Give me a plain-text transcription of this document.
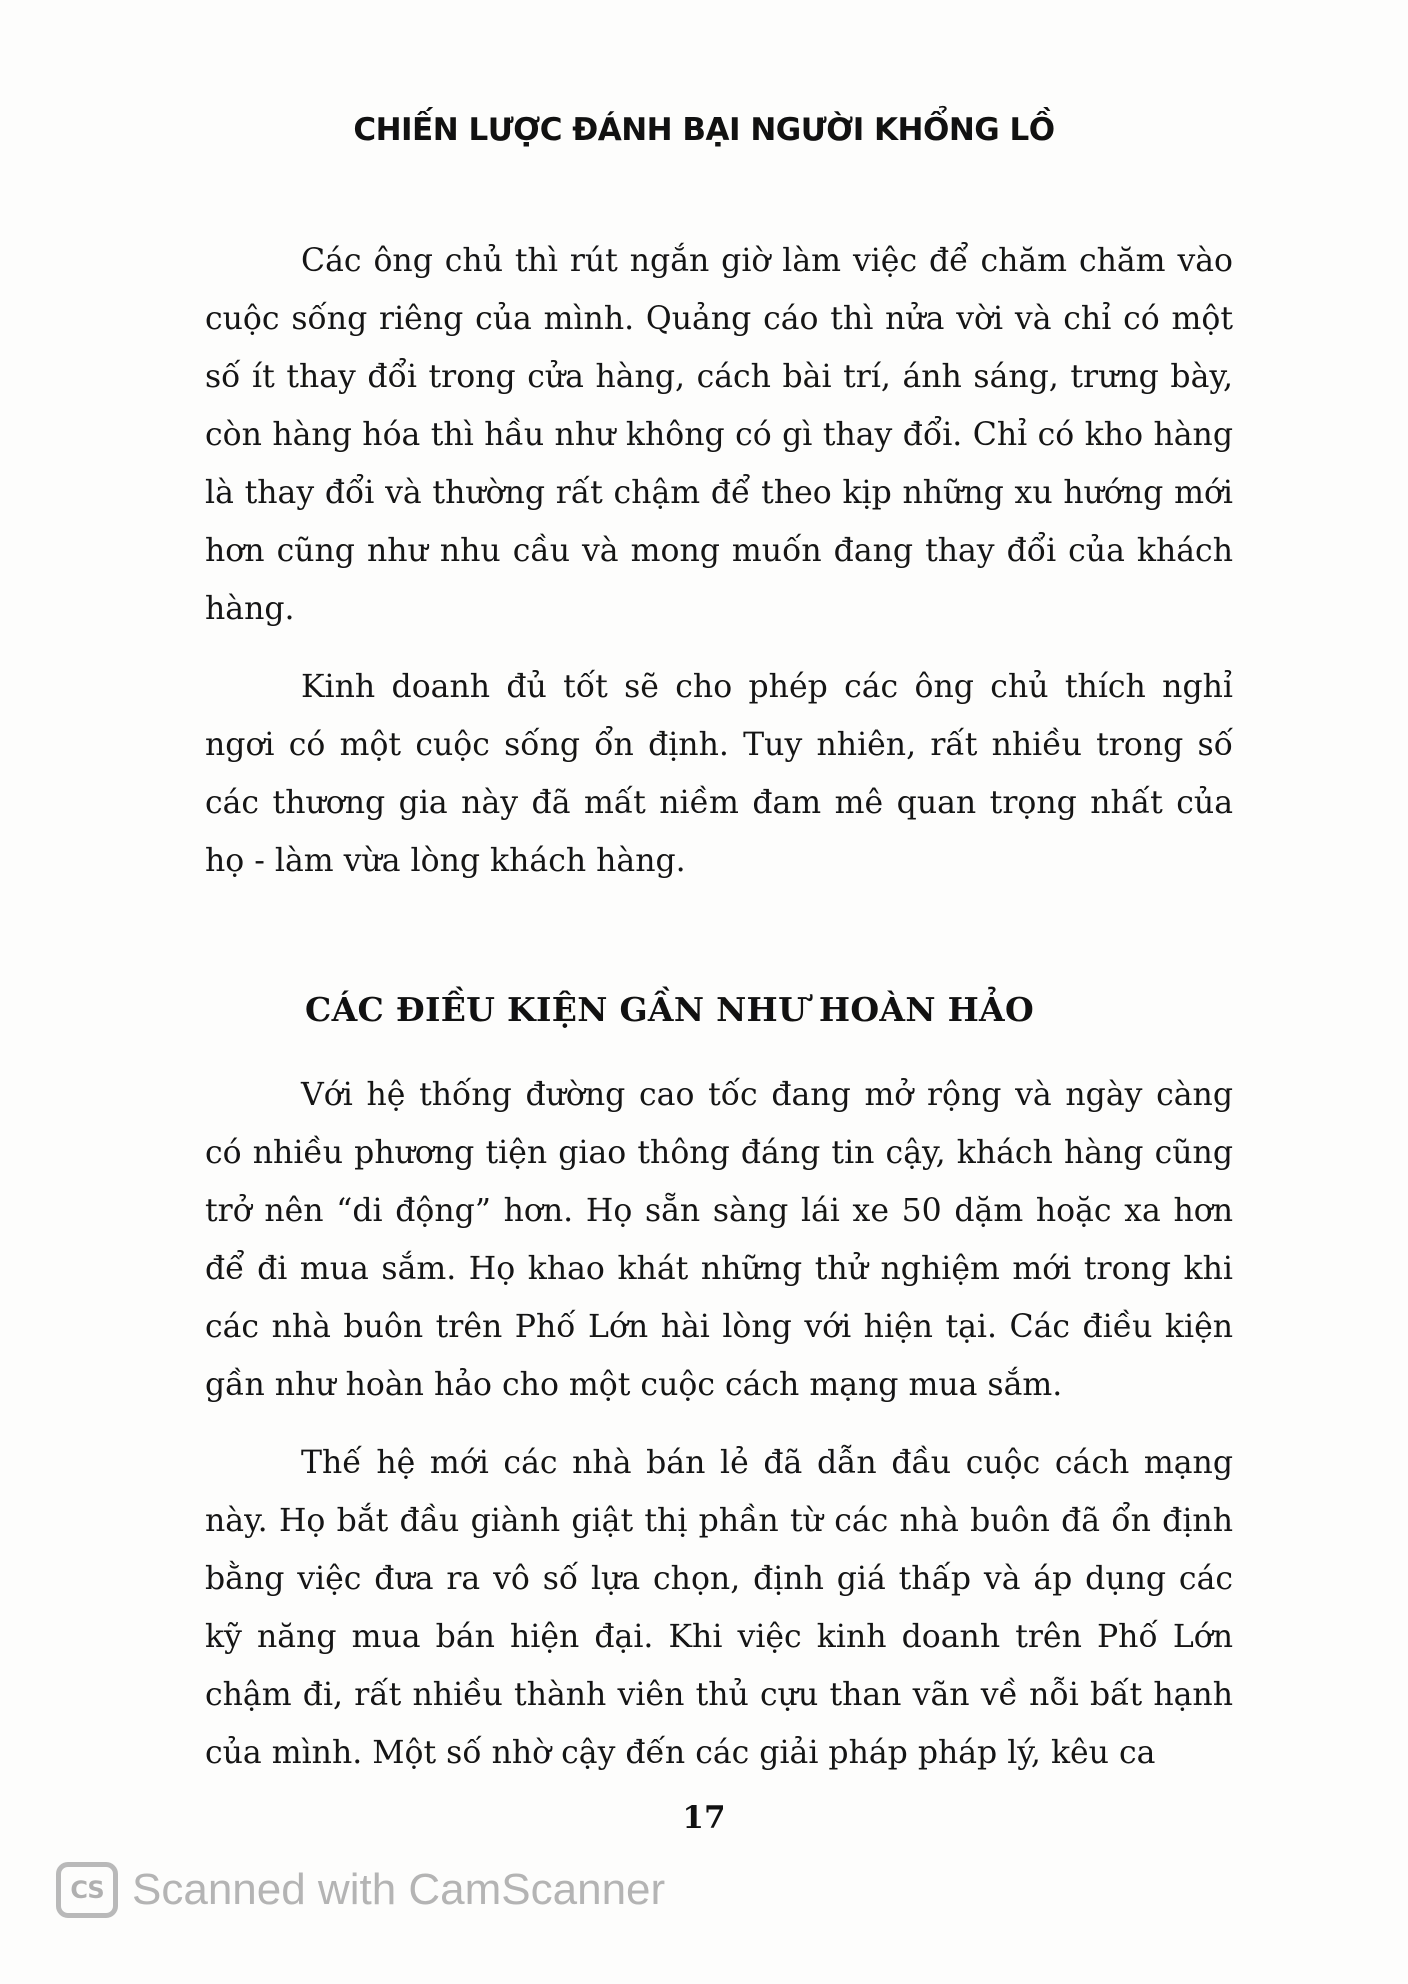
CHIẾN LƯỢC ĐÁNH BẠI NGƯỜI KHỔNG LỒ

Các ông chủ thì rút ngắn giờ làm việc để chăm chăm vào cuộc sống riêng của mình. Quảng cáo thì nửa vời và chỉ có một số ít thay đổi trong cửa hàng, cách bài trí, ánh sáng, trưng bày, còn hàng hóa thì hầu như không có gì thay đổi. Chỉ có kho hàng là thay đổi và thường rất chậm để theo kịp những xu hướng mới hơn cũng như nhu cầu và mong muốn đang thay đổi của khách hàng.

Kinh doanh đủ tốt sẽ cho phép các ông chủ thích nghỉ ngơi có một cuộc sống ổn định. Tuy nhiên, rất nhiều trong số các thương gia này đã mất niềm đam mê quan trọng nhất của họ - làm vừa lòng khách hàng.

CÁC ĐIỀU KIỆN GẦN NHƯ HOÀN HẢO

Với hệ thống đường cao tốc đang mở rộng và ngày càng có nhiều phương tiện giao thông đáng tin cậy, khách hàng cũng trở nên “di động” hơn. Họ sẵn sàng lái xe 50 dặm hoặc xa hơn để đi mua sắm. Họ khao khát những thử nghiệm mới trong khi các nhà buôn trên Phố Lớn hài lòng với hiện tại. Các điều kiện gần như hoàn hảo cho một cuộc cách mạng mua sắm.

Thế hệ mới các nhà bán lẻ đã dẫn đầu cuộc cách mạng này. Họ bắt đầu giành giật thị phần từ các nhà buôn đã ổn định bằng việc đưa ra vô số lựa chọn, định giá thấp và áp dụng các kỹ năng mua bán hiện đại. Khi việc kinh doanh trên Phố Lớn chậm đi, rất nhiều thành viên thủ cựu than vãn về nỗi bất hạnh của mình. Một số nhờ cậy đến các giải pháp pháp lý, kêu ca

17
CS Scanned with CamScanner
